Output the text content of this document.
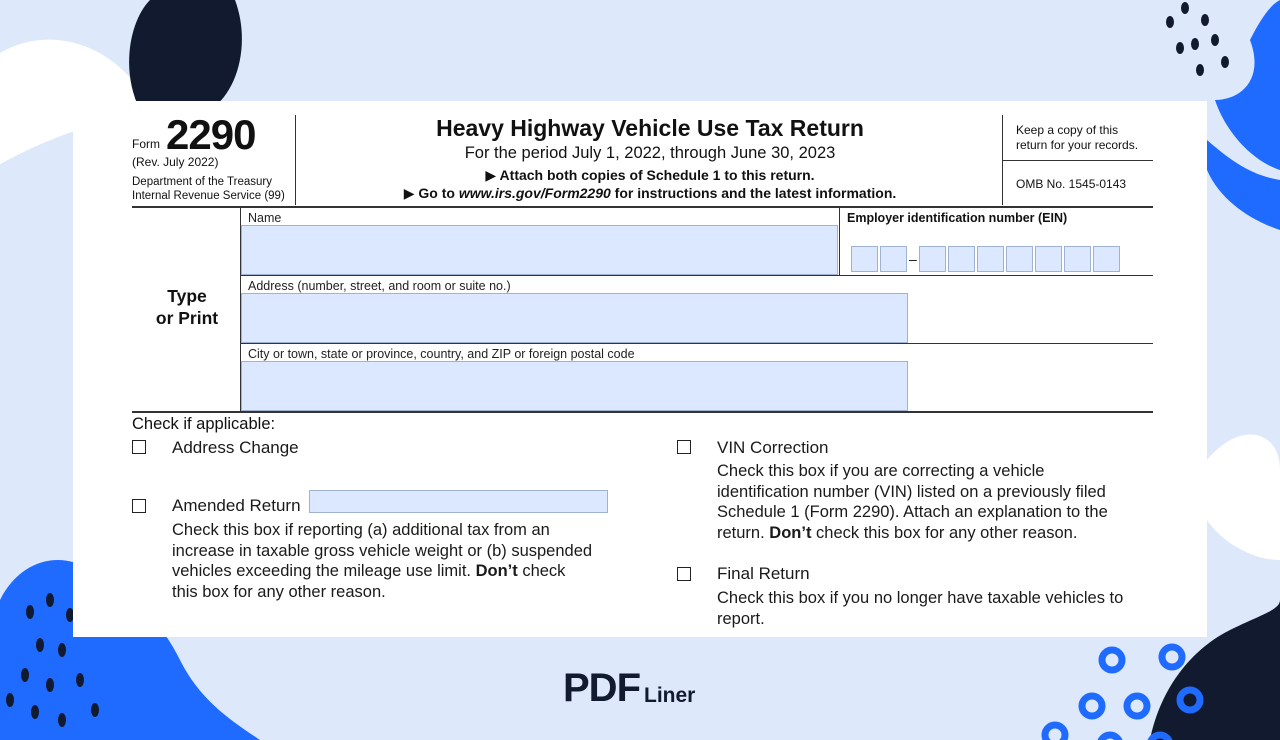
Form 2290
(Rev. July 2022)
Department of the Treasury
Internal Revenue Service (99)
Heavy Highway Vehicle Use Tax Return
For the period July 1, 2022, through June 30, 2023
▶ Attach both copies of Schedule 1 to this return.
▶ Go to www.irs.gov/Form2290 for instructions and the latest information.
Keep a copy of this
return for your records.
OMB No. 1545-0143
Type
or Print
Name	Employer identification number (EIN)
–
Address (number, street, and room or suite no.)
City or town, state or province, country, and ZIP or foreign postal code
Check if applicable:
Address Change
Amended Return
Check this box if reporting (a) additional tax from an
increase in taxable gross vehicle weight or (b) suspended
vehicles exceeding the mileage use limit. Don’t check
this box for any other reason.
VIN Correction
Check this box if you are correcting a vehicle
identification number (VIN) listed on a previously filed
Schedule 1 (Form 2290). Attach an explanation to the
return. Don’t check this box for any other reason.
Final Return
Check this box if you no longer have taxable vehicles to
report.
PDF Liner
